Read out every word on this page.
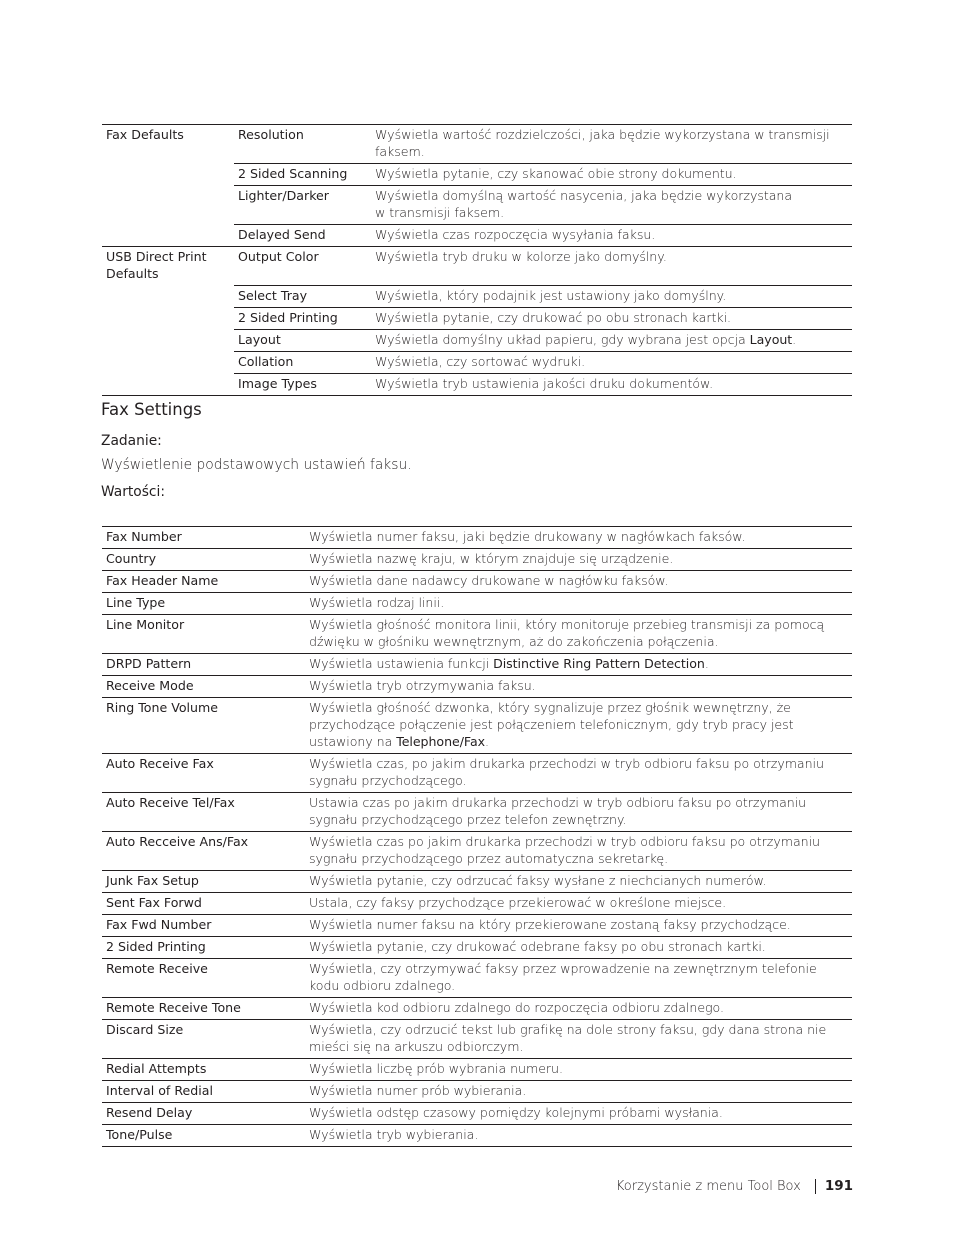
Fax Defaults	Resolution	Wyświetla wartość rozdzielczości, jaka będzie wykorzystana w transmisji faksem.
	2 Sided Scanning	Wyświetla pytanie, czy skanować obie strony dokumentu.
	Lighter/Darker	Wyświetla domyślną wartość nasycenia, jaka będzie wykorzystana
w transmisji faksem.
	Delayed Send	Wyświetla czas rozpoczęcia wysyłania faksu.
USB Direct Print Defaults	Output Color	Wyświetla tryb druku w kolorze jako domyślny.
	Select Tray	Wyświetla, który podajnik jest ustawiony jako domyślny.
	2 Sided Printing	Wyświetla pytanie, czy drukować po obu stronach kartki.
	Layout	Wyświetla domyślny układ papieru, gdy wybrana jest opcja Layout.
	Collation	Wyświetla, czy sortować wydruki.
	Image Types	Wyświetla tryb ustawienia jakości druku dokumentów.
Fax Settings
Zadanie:
Wyświetlenie podstawowych ustawień faksu.
Wartości:
Fax Number	Wyświetla numer faksu, jaki będzie drukowany w nagłówkach faksów.
Country	Wyświetla nazwę kraju, w którym znajduje się urządzenie.
Fax Header Name	Wyświetla dane nadawcy drukowane w nagłówku faksów.
Line Type	Wyświetla rodzaj linii.
Line Monitor	Wyświetla głośność monitora linii, który monitoruje przebieg transmisji za pomocą dźwięku w głośniku wewnętrznym, aż do zakończenia połączenia.
DRPD Pattern	Wyświetla ustawienia funkcji Distinctive Ring Pattern Detection.
Receive Mode	Wyświetla tryb otrzymywania faksu.
Ring Tone Volume	Wyświetla głośność dzwonka, który sygnalizuje przez głośnik wewnętrzny, że przychodzące połączenie jest połączeniem telefonicznym, gdy tryb pracy jest ustawiony na Telephone/Fax.
Auto Receive Fax	Wyświetla czas, po jakim drukarka przechodzi w tryb odbioru faksu po otrzymaniu sygnału przychodzącego.
Auto Receive Tel/Fax	Ustawia czas po jakim drukarka przechodzi w tryb odbioru faksu po otrzymaniu sygnału przychodzącego przez telefon zewnętrzny.
Auto Recceive Ans/Fax	Wyświetla czas po jakim drukarka przechodzi w tryb odbioru faksu po otrzymaniu sygnału przychodzącego przez automatyczna sekretarkę.
Junk Fax Setup	Wyświetla pytanie, czy odrzucać faksy wysłane z niechcianych numerów.
Sent Fax Forwd	Ustala, czy faksy przychodzące przekierować w określone miejsce.
Fax Fwd Number	Wyświetla numer faksu na który przekierowane zostaną faksy przychodzące.
2 Sided Printing	Wyświetla pytanie, czy drukować odebrane faksy po obu stronach kartki.
Remote Receive	Wyświetla, czy otrzymywać faksy przez wprowadzenie na zewnętrznym telefonie kodu odbioru zdalnego.
Remote Receive Tone	Wyświetla kod odbioru zdalnego do rozpoczęcia odbioru zdalnego.
Discard Size	Wyświetla, czy odrzucić tekst lub grafikę na dole strony faksu, gdy dana strona nie mieści się na arkuszu odbiorczym.
Redial Attempts	Wyświetla liczbę prób wybrania numeru.
Interval of Redial	Wyświetla numer prób wybierania.
Resend Delay	Wyświetla odstęp czasowy pomiędzy kolejnymi próbami wysłania.
Tone/Pulse	Wyświetla tryb wybierania.
Korzystanie z menu Tool Box 191
